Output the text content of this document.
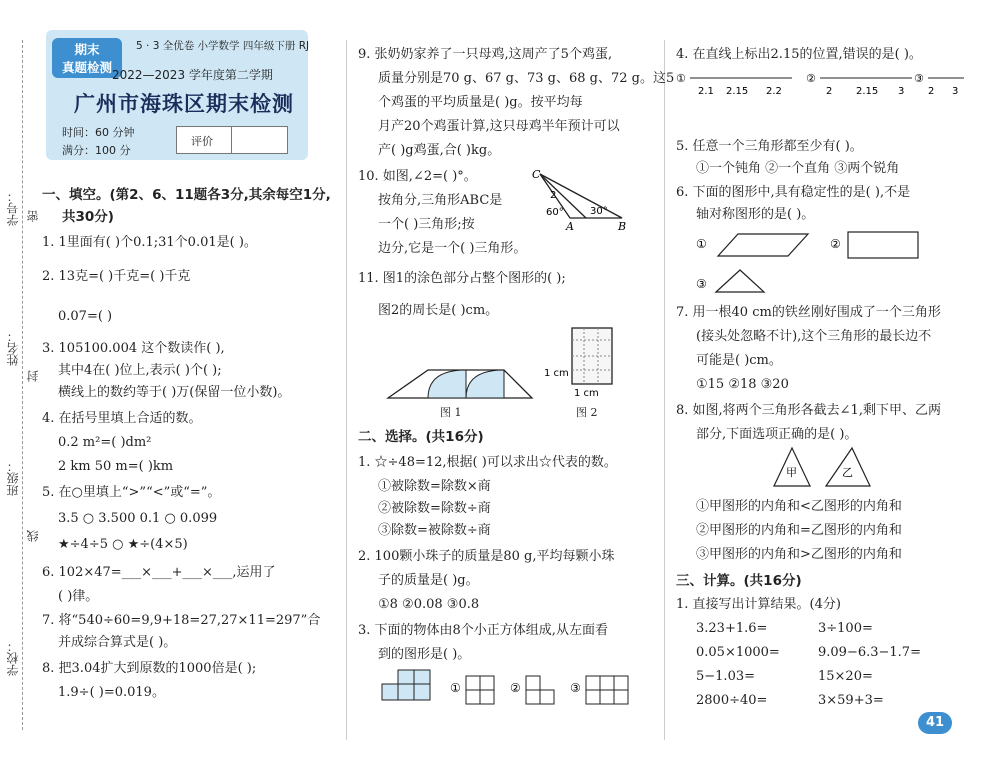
学号：
姓名：
班级：
学校：
密
封
线
期末
真题检测
5 · 3 全优卷 小学数学 四年级下册 RJ
2022—2023 学年度第二学期
广州市海珠区期末检测
时间：60 分钟
满分：100 分
评价
一、填空。(第2、6、11题各3分,其余每空1分,
共30分)
1. 1里面有( )个0.1;31个0.01是( )。
2. 13克=( )千克=( )千克
0.07=( )
3. 105100.004 这个数读作( ),
其中4在( )位上,表示( )个( );
横线上的数约等于( )万(保留一位小数)。
4. 在括号里填上合适的数。
0.2 m²=( )dm²
2 km 50 m=( )km
5. 在○里填上“>”“<”或“=”。
3.5 ○ 3.500 0.1 ○ 0.099
★÷4÷5 ○ ★÷(4×5)
6. 102×47=___×___+___×___,运用了
( )律。
7. 将“540÷60=9,9+18=27,27×11=297”合
并成综合算式是( )。
8. 把3.04扩大到原数的1000倍是( );
1.9÷( )=0.019。
9. 张奶奶家养了一只母鸡,这周产了5个鸡蛋,
质量分别是70 g、67 g、73 g、68 g、72 g。这5
个鸡蛋的平均质量是( )g。按平均每
月产20个鸡蛋计算,这只母鸡半年预计可以
产( )g鸡蛋,合( )kg。
10. 如图,∠2=( )°。
按角分,三角形ABC是
一个( )三角形;按
边分,它是一个( )三角形。
C
A	B
2
60°	30°
11. 图1的涂色部分占整个图形的( );
图2的周长是( )cm。
1 cm
1 cm
图 1	图 2
二、选择。(共16分)
1. ☆÷48=12,根据( )可以求出☆代表的数。
①被除数=除数×商
②被除数=除数÷商
③除数=被除数÷商
2. 100颗小珠子的质量是80 g,平均每颗小珠
子的质量是( )g。
①8 ②0.08 ③0.8
3. 下面的物体由8个小正方体组成,从左面看
到的图形是( )。
①	②	③
4. 在直线上标出2.15的位置,错误的是( )。
①
2.1 2.15 2.2
②
2 2.15 3
③
2 3
5. 任意一个三角形都至少有( )。
①一个钝角 ②一个直角 ③两个锐角
6. 下面的图形中,具有稳定性的是( ),不是
轴对称图形的是( )。
①	②
③
7. 用一根40 cm的铁丝刚好围成了一个三角形
(接头处忽略不计),这个三角形的最长边不
可能是( )cm。
①15 ②18 ③20
8. 如图,将两个三角形各截去∠1,剩下甲、乙两
部分,下面选项正确的是( )。
甲	乙
①甲图形的内角和<乙图形的内角和
②甲图形的内角和=乙图形的内角和
③甲图形的内角和>乙图形的内角和
三、计算。(共16分)
1. 直接写出计算结果。(4分)
3.23+1.6=	3÷100=
0.05×1000=	9.09−6.3−1.7=
5−1.03=	15×20=
2800÷40=	3×59+3=
41
